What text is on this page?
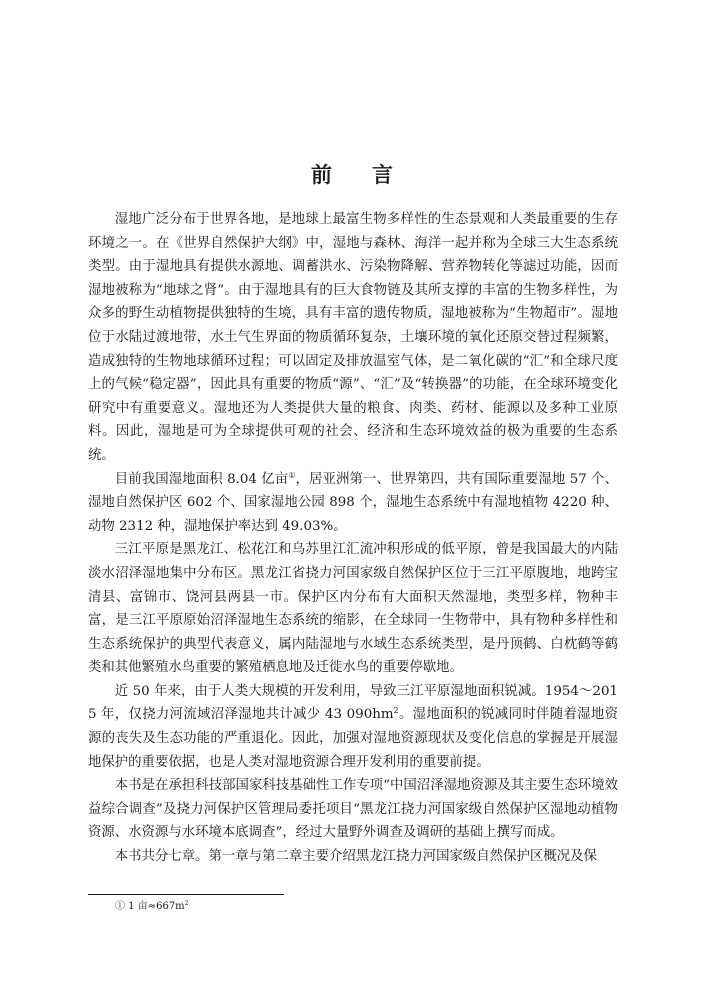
前 言

湿地广泛分布于世界各地，是地球上最富生物多样性的生态景观和人类最重要的生存环境之一。在《世界自然保护大纲》中，湿地与森林、海洋一起并称为全球三大生态系统类型。由于湿地具有提供水源地、调蓄洪水、污染物降解、营养物转化等滤过功能，因而湿地被称为“地球之肾”。由于湿地具有的巨大食物链及其所支撑的丰富的生物多样性，为众多的野生动植物提供独特的生境，具有丰富的遗传物质，湿地被称为“生物超市”。湿地位于水陆过渡地带，水土气生界面的物质循环复杂，土壤环境的氧化还原交替过程频繁，造成独特的生物地球循环过程；可以固定及排放温室气体，是二氧化碳的“汇”和全球尺度上的气候“稳定器”，因此具有重要的物质“源”、“汇”及“转换器”的功能，在全球环境变化研究中有重要意义。湿地还为人类提供大量的粮食、肉类、药材、能源以及多种工业原料。因此，湿地是可为全球提供可观的社会、经济和生态环境效益的极为重要的生态系统。

目前我国湿地面积 8.04 亿亩①，居亚洲第一、世界第四，共有国际重要湿地 57 个、湿地自然保护区 602 个、国家湿地公园 898 个，湿地生态系统中有湿地植物 4220 种、动物 2312 种，湿地保护率达到 49.03%。

三江平原是黑龙江、松花江和乌苏里江汇流冲积形成的低平原，曾是我国最大的内陆淡水沼泽湿地集中分布区。黑龙江省挠力河国家级自然保护区位于三江平原腹地，地跨宝清县、富锦市、饶河县两县一市。保护区内分布有大面积天然湿地，类型多样，物种丰富，是三江平原原始沼泽湿地生态系统的缩影，在全球同一生物带中，具有物种多样性和生态系统保护的典型代表意义，属内陆湿地与水域生态系统类型，是丹顶鹤、白枕鹤等鹤类和其他繁殖水鸟重要的繁殖栖息地及迁徙水鸟的重要停歇地。

近 50 年来，由于人类大规模的开发利用，导致三江平原湿地面积锐减。1954～2015 年，仅挠力河流域沼泽湿地共计减少 43 $090hm^2$。湿地面积的锐减同时伴随着湿地资源的丧失及生态功能的严重退化。因此，加强对湿地资源现状及变化信息的掌握是开展湿地保护的重要依据，也是人类对湿地资源合理开发利用的重要前提。

本书是在承担科技部国家科技基础性工作专项“中国沼泽湿地资源及其主要生态环境效益综合调查”及挠力河保护区管理局委托项目“黑龙江挠力河国家级自然保护区湿地动植物资源、水资源与水环境本底调查”，经过大量野外调查及调研的基础上撰写而成。

本书共分七章。第一章与第二章主要介绍黑龙江挠力河国家级自然保护区概况及保

① 1 亩$\approx 667m^2$
